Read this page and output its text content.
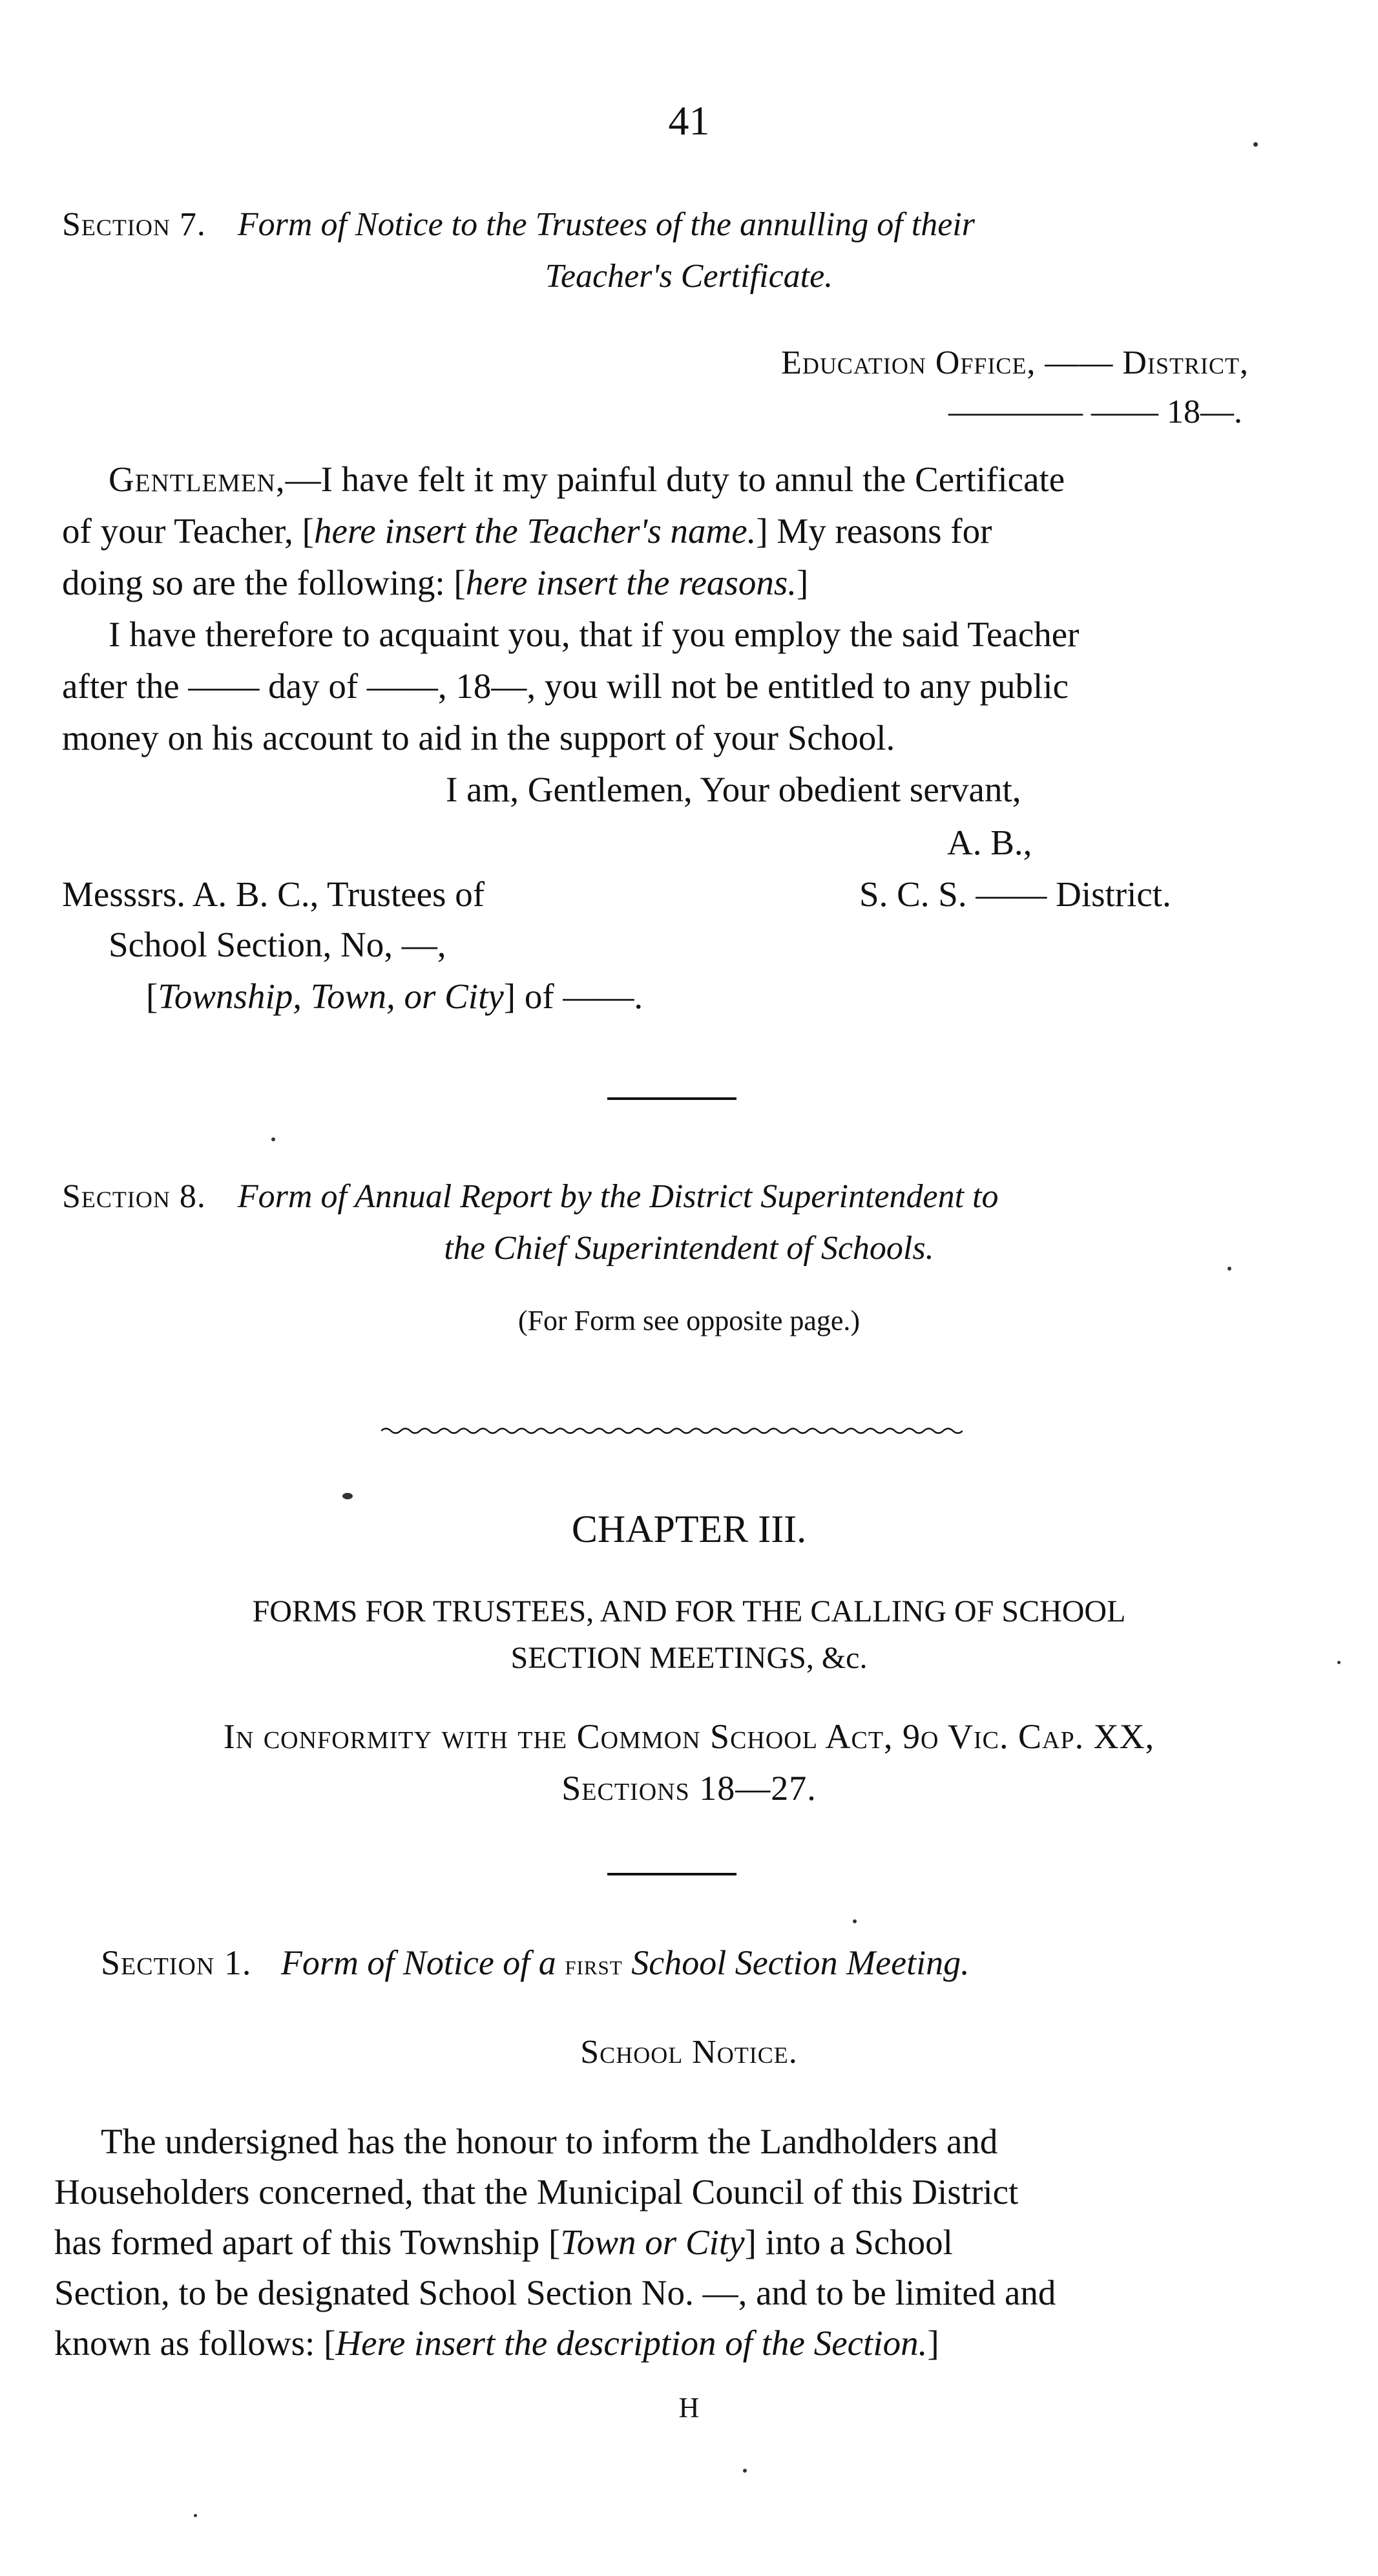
41
Section 7. Form of Notice to the Trustees of the annulling of their
Teacher's Certificate.
Education Office, —— District,
———— —— 18—.
Gentlemen,—I have felt it my painful duty to annul the Certificate
of your Teacher, [here insert the Teacher's name.] My reasons for
doing so are the following: [here insert the reasons.]
I have therefore to acquaint you, that if you employ the said Teacher
after the —— day of ——, 18—, you will not be entitled to any public
money on his account to aid in the support of your School.
I am, Gentlemen, Your obedient servant,
A. B.,
Messsrs. A. B. C., Trustees of	S. C. S. —— District.
School Section, No, —,
[Township, Town, or City] of ——.
Section 8. Form of Annual Report by the District Superintendent to
the Chief Superintendent of Schools.
(For Form see opposite page.)
CHAPTER III.
FORMS FOR TRUSTEES, AND FOR THE CALLING OF SCHOOL
SECTION MEETINGS, &c.
In conformity with the Common School Act, 9o Vic. Cap. XX,
Sections 18—27.
Section 1. Form of Notice of a first School Section Meeting.
School Notice.
The undersigned has the honour to inform the Landholders and
Householders concerned, that the Municipal Council of this District
has formed apart of this Township [Town or City] into a School
Section, to be designated School Section No. —, and to be limited and
known as follows: [Here insert the description of the Section.]
H
